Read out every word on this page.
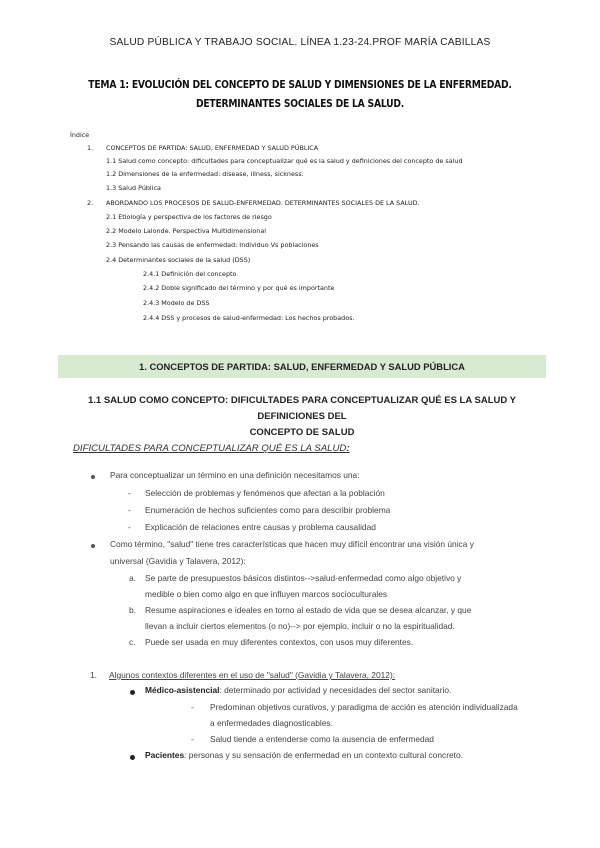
SALUD PÚBLICA Y TRABAJO SOCIAL. LÍNEA 1.23-24.PROF MARÍA CABILLAS
TEMA 1: EVOLUCIÓN DEL CONCEPTO DE SALUD Y DIMENSIONES DE LA ENFERMEDAD.
DETERMINANTES SOCIALES DE LA SALUD.
Índice
1. CONCEPTOS DE PARTIDA: SALUD, ENFERMEDAD Y SALUD PÚBLICA
1.1 Salud como concepto: dificultades para conceptualizar qué es la salud y definiciones del concepto de salud
1.2 Dimensiones de la enfermedad: disease, illness, sickness.
1.3 Salud Pública
2. ABORDANDO LOS PROCESOS DE SALUD-ENFERMEDAD. DETERMINANTES SOCIALES DE LA SALUD.
2.1 Etiología y perspectiva de los factores de riesgo
2.2 Modelo Lalonde. Perspectiva Multidimensional
2.3 Pensando las causas de enfermedad: Individuo Vs poblaciones
2.4 Determinantes sociales de la salud (DSS)
2.4.1 Definición del concepto
2.4.2 Doble significado del término y por qué es importante
2.4.3 Modelo de DSS
2.4.4 DSS y procesos de salud-enfermedad: Los hechos probados.
1. CONCEPTOS DE PARTIDA: SALUD, ENFERMEDAD Y SALUD PÚBLICA
1.1 SALUD COMO CONCEPTO: DIFICULTADES PARA CONCEPTUALIZAR QUÉ ES LA SALUD Y DEFINICIONES DEL
CONCEPTO DE SALUD
DIFICULTADES PARA CONCEPTUALIZAR QUÉ ES LA SALUD:
Para conceptualizar un término en una definición necesitamos una:
- Selección de problemas y fenómenos que afectan a la población
- Enumeración de hechos suficientes como para describir problema
- Explicación de relaciones entre causas y problema causalidad
Como término, "salud" tiene tres características que hacen muy difícil encontrar una visión única y
universal (Gavidia y Talavera, 2012):
a. Se parte de presupuestos básicos distintos-->salud-enfermedad como algo objetivo y
medible o bien como algo en que influyen marcos socioculturales
b. Resume aspiraciones e ideales en torno al estado de vida que se desea alcanzar, y que
llevan a incluir ciertos elementos (o no)--> por ejemplo, incluir o no la espiritualidad.
c. Puede ser usada en muy diferentes contextos, con usos muy diferentes.
1. Algunos contextos diferentes en el uso de "salud" (Gavidia y Talavera, 2012):
Médico-asistencial: determinado por actividad y necesidades del sector sanitario.
- Predominan objetivos curativos, y paradigma de acción es atención individualizada
a enfermedades diagnosticables.
- Salud tiende a entenderse como la ausencia de enfermedad
Pacientes: personas y su sensación de enfermedad en un contexto cultural concreto.
